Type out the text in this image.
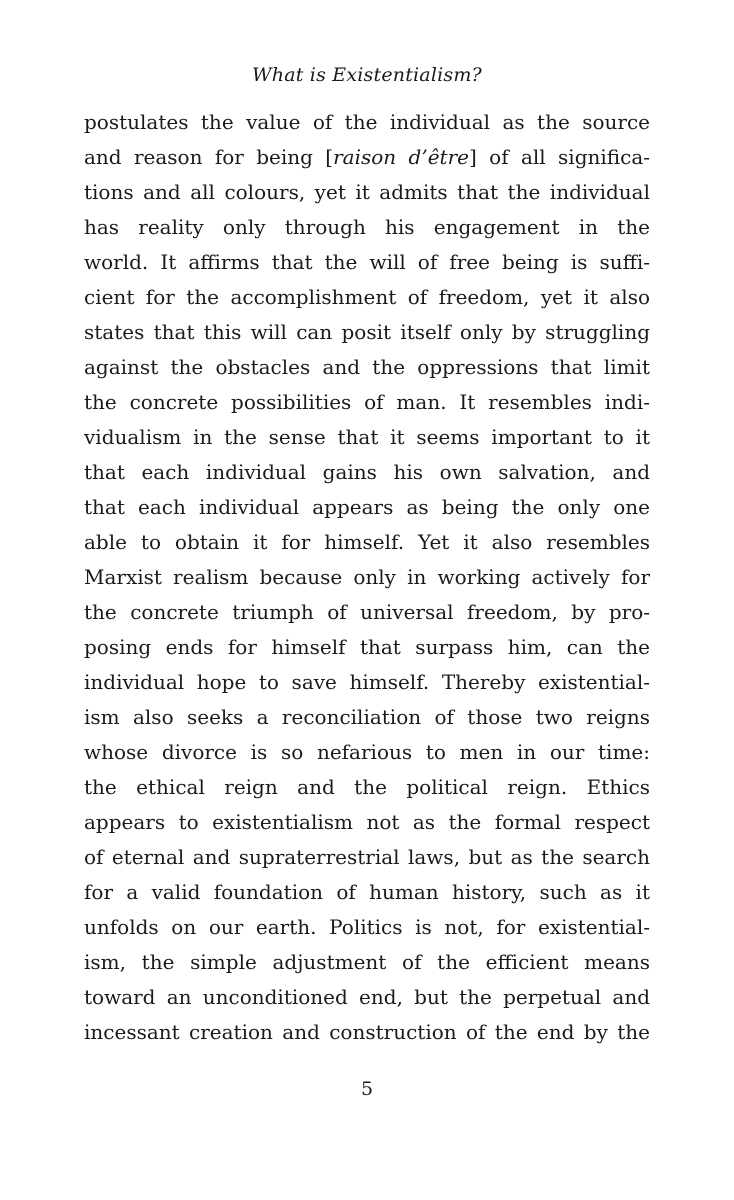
What is Existentialism?
postulates the value of the individual as the source
and reason for being [raison d’être] of all significa-
tions and all colours, yet it admits that the individual
has reality only through his engagement in the
world. It affirms that the will of free being is suffi-
cient for the accomplishment of freedom, yet it also
states that this will can posit itself only by struggling
against the obstacles and the oppressions that limit
the concrete possibilities of man. It resembles indi-
vidualism in the sense that it seems important to it
that each individual gains his own salvation, and
that each individual appears as being the only one
able to obtain it for himself. Yet it also resembles
Marxist realism because only in working actively for
the concrete triumph of universal freedom, by pro-
posing ends for himself that surpass him, can the
individual hope to save himself. Thereby existential-
ism also seeks a reconciliation of those two reigns
whose divorce is so nefarious to men in our time:
the ethical reign and the political reign. Ethics
appears to existentialism not as the formal respect
of eternal and supraterrestrial laws, but as the search
for a valid foundation of human history, such as it
unfolds on our earth. Politics is not, for existential-
ism, the simple adjustment of the efficient means
toward an unconditioned end, but the perpetual and
incessant creation and construction of the end by the
5
